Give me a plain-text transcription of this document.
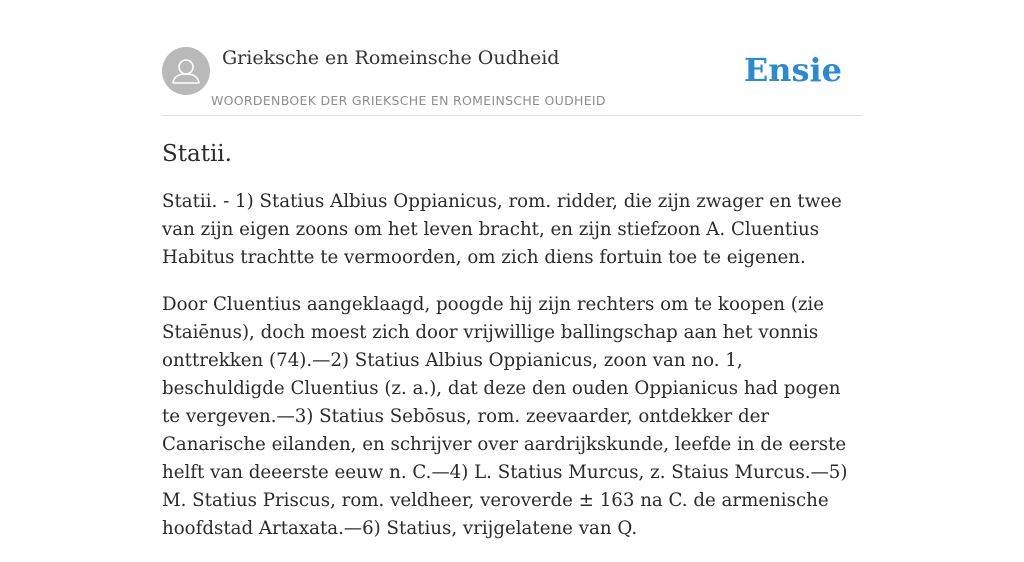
Grieksche en Romeinsche Oudheid
WOORDENBOEK DER GRIEKSCHE EN ROMEINSCHE OUDHEID
Ensie
Statii.

Statii. - 1) Statius Albius Oppianicus, rom. ridder, die zijn zwager en twee van zijn eigen zoons om het leven bracht, en zijn stiefzoon A. Cluentius Habitus trachtte te vermoorden, om zich diens fortuin toe te eigenen.

Door Cluentius aangeklaagd, poogde hij zijn rechters om te koopen (zie Staiēnus), doch moest zich door vrijwillige ballingschap aan het vonnis onttrekken (74).—2) Statius Albius Oppianicus, zoon van no. 1, beschuldigde Cluentius (z. a.), dat deze den ouden Oppianicus had pogen te vergeven.—3) Statius Sebōsus, rom. zeevaarder, ontdekker der Canarische eilanden, en schrijver over aardrijkskunde, leefde in de eerste helft van deeerste eeuw n. C.—4) L. Statius Murcus, z. Staius Murcus.—5) M. Statius Priscus, rom. veldheer, veroverde ± 163 na C. de armenische hoofdstad Artaxata.—6) Statius, vrijgelatene van Q.
